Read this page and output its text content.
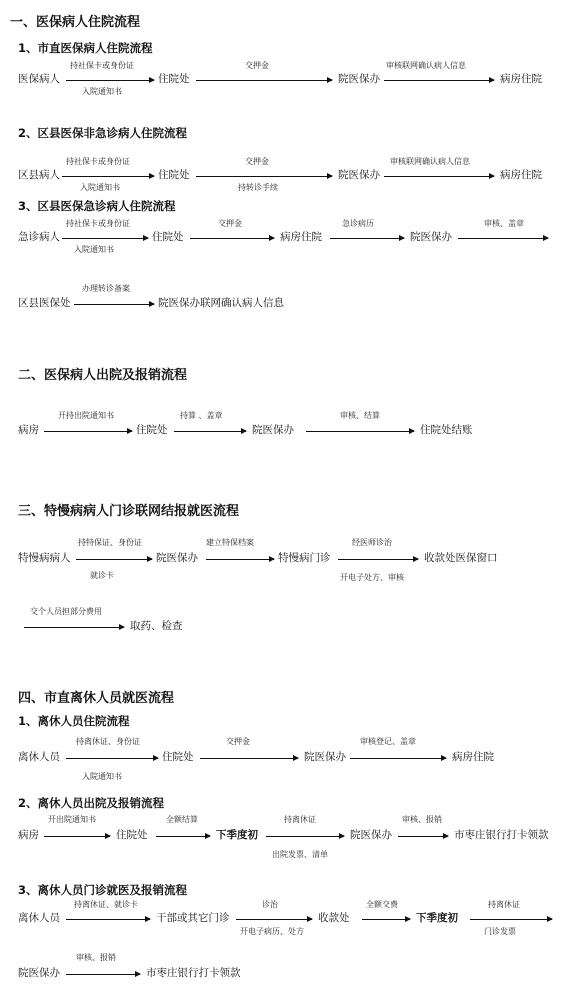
一、医保病人住院流程
1、市直医保病人住院流程
医保病人
持社保卡或身份证
入院通知书
住院处
交押金
院医保办
审核联网确认病人信息
病房住院
2、区县医保非急诊病人住院流程
区县病人
持社保卡或身份证
入院通知书
住院处
交押金
持转诊手续
院医保办
审核联网确认病人信息
病房住院
3、区县医保急诊病人住院流程
急诊病人
持社保卡或身份证
入院通知书
住院处
交押金
病房住院
急诊病历
院医保办
审核、盖章
区县医保处
办理转诊备案
院医保办联网确认病人信息
二、医保病人出院及报销流程
病房
开持出院通知书
住院处
持算 、盖章
院医保办
审核、结算
住院处结账
三、特慢病病人门诊联网结报就医流程
特慢病病人
持特保证、身份证
就诊卡
院医保办
建立特保档案
特慢病门诊
经医师诊治
开电子处方、审核
收款处医保窗口
交个人员担部分费用
取药、检查
四、市直离休人员就医流程
1、离休人员住院流程
离休人员
持离休证、身份证
入院通知书
住院处
交押金
院医保办
审核登记、盖章
病房住院
2、离休人员出院及报销流程
病房
开出院通知书
住院处
全额结算
下季度初
持离休证
出院发票、清单
院医保办
审核、报销
市枣庄银行打卡领款
3、离休人员门诊就医及报销流程
离休人员
持离休证、就诊卡
干部或其它门诊
诊治
开电子病历、处方
收款处
全额交费
下季度初
持离休证
门诊发票
院医保办
审核、报销
市枣庄银行打卡领款
